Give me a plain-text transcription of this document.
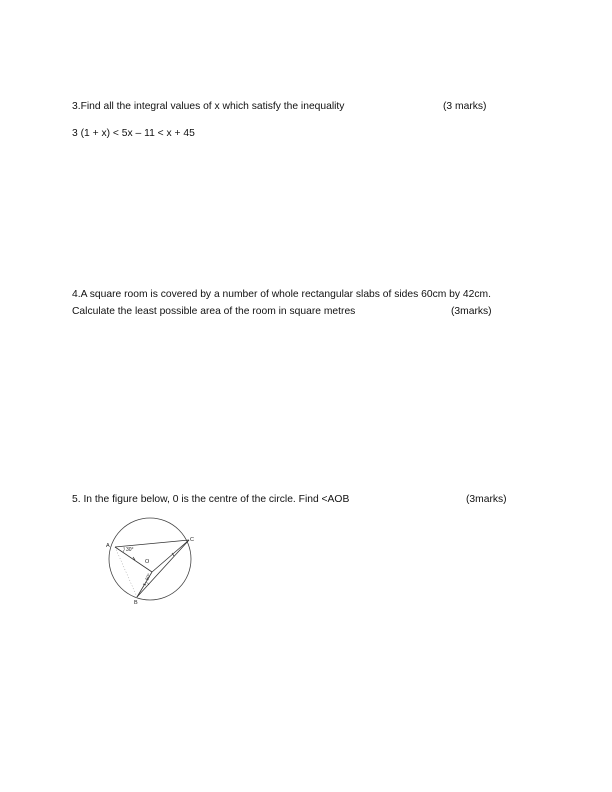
3.Find all the integral values of x which satisfy the inequality	(3 marks)
3 (1 + x) < 5x – 11 < x + 45
4.A square room is covered by a number of whole rectangular slabs of sides 60cm by 42cm.
Calculate the least possible area of the room in square metres	(3marks)
5. In the figure below, 0 is the centre of the circle. Find <AOB	(3marks)
A
B
C
O
30°
50°
